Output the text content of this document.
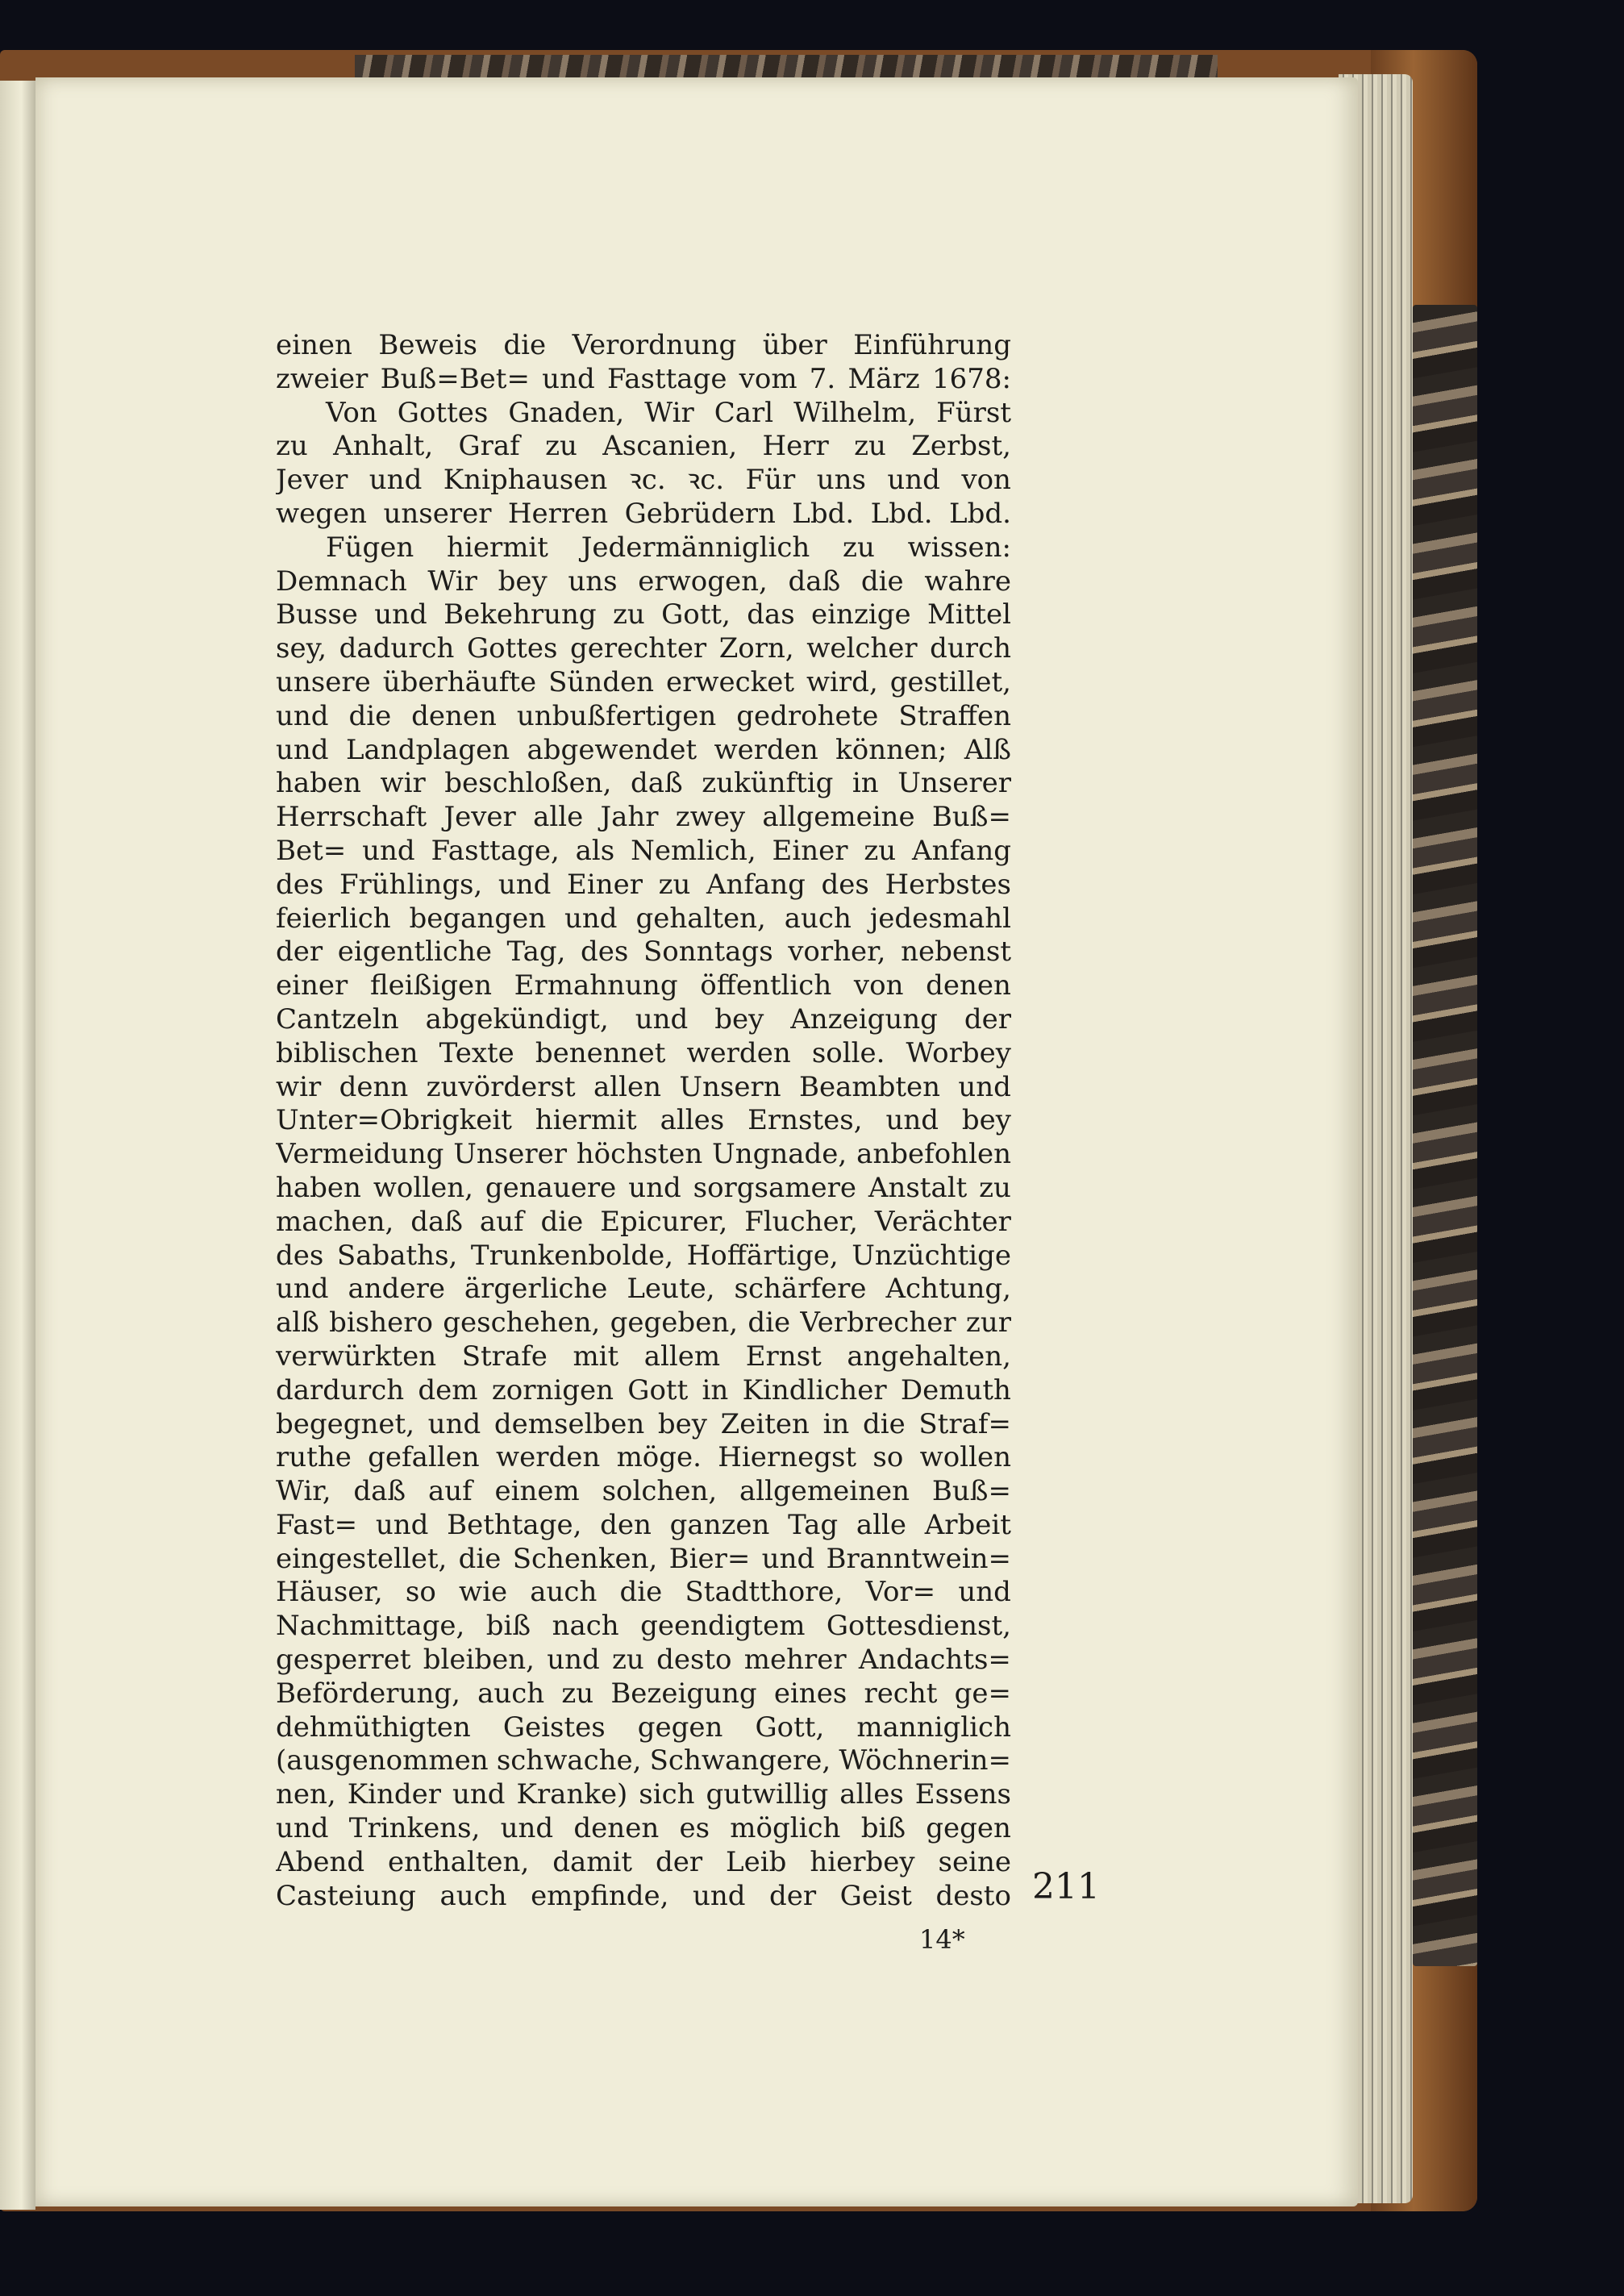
einen Beweis die Verordnung über Einführung
zweier Buß=Bet= und Fasttage vom 7. März 1678:
Von Gottes Gnaden, Wir Carl Wilhelm, Fürst
zu Anhalt, Graf zu Ascanien, Herr zu Zerbst,
Jever und Kniphausen ꝛc. ꝛc. Für uns und von
wegen unserer Herren Gebrüdern Lbd. Lbd. Lbd.
Fügen hiermit Jedermänniglich zu wissen:
Demnach Wir bey uns erwogen, daß die wahre
Busse und Bekehrung zu Gott, das einzige Mittel
sey, dadurch Gottes gerechter Zorn, welcher durch
unsere überhäufte Sünden erwecket wird, gestillet,
und die denen unbußfertigen gedrohete Straffen
und Landplagen abgewendet werden können; Alß
haben wir beschloßen, daß zukünftig in Unserer
Herrschaft Jever alle Jahr zwey allgemeine Buß=
Bet= und Fasttage, als Nemlich, Einer zu Anfang
des Frühlings, und Einer zu Anfang des Herbstes
feierlich begangen und gehalten, auch jedesmahl
der eigentliche Tag, des Sonntags vorher, nebenst
einer fleißigen Ermahnung öffentlich von denen
Cantzeln abgekündigt, und bey Anzeigung der
biblischen Texte benennet werden solle. Worbey
wir denn zuvörderst allen Unsern Beambten und
Unter=Obrigkeit hiermit alles Ernstes, und bey
Vermeidung Unserer höchsten Ungnade, anbefohlen
haben wollen, genauere und sorgsamere Anstalt zu
machen, daß auf die Epicurer, Flucher, Verächter
des Sabaths, Trunkenbolde, Hoffärtige, Unzüchtige
und andere ärgerliche Leute, schärfere Achtung,
alß bishero geschehen, gegeben, die Verbrecher zur
verwürkten Strafe mit allem Ernst angehalten,
dardurch dem zornigen Gott in Kindlicher Demuth
begegnet, und demselben bey Zeiten in die Straf=
ruthe gefallen werden möge. Hiernegst so wollen
Wir, daß auf einem solchen, allgemeinen Buß=
Fast= und Bethtage, den ganzen Tag alle Arbeit
eingestellet, die Schenken, Bier= und Branntwein=
Häuser, so wie auch die Stadtthore, Vor= und
Nachmittage, biß nach geendigtem Gottesdienst,
gesperret bleiben, und zu desto mehrer Andachts=
Beförderung, auch zu Bezeigung eines recht ge=
dehmüthigten Geistes gegen Gott, manniglich
(ausgenommen schwache, Schwangere, Wöchnerin=
nen, Kinder und Kranke) sich gutwillig alles Essens
und Trinkens, und denen es möglich biß gegen
Abend enthalten, damit der Leib hierbey seine
Casteiung auch empfinde, und der Geist desto 211
14*
